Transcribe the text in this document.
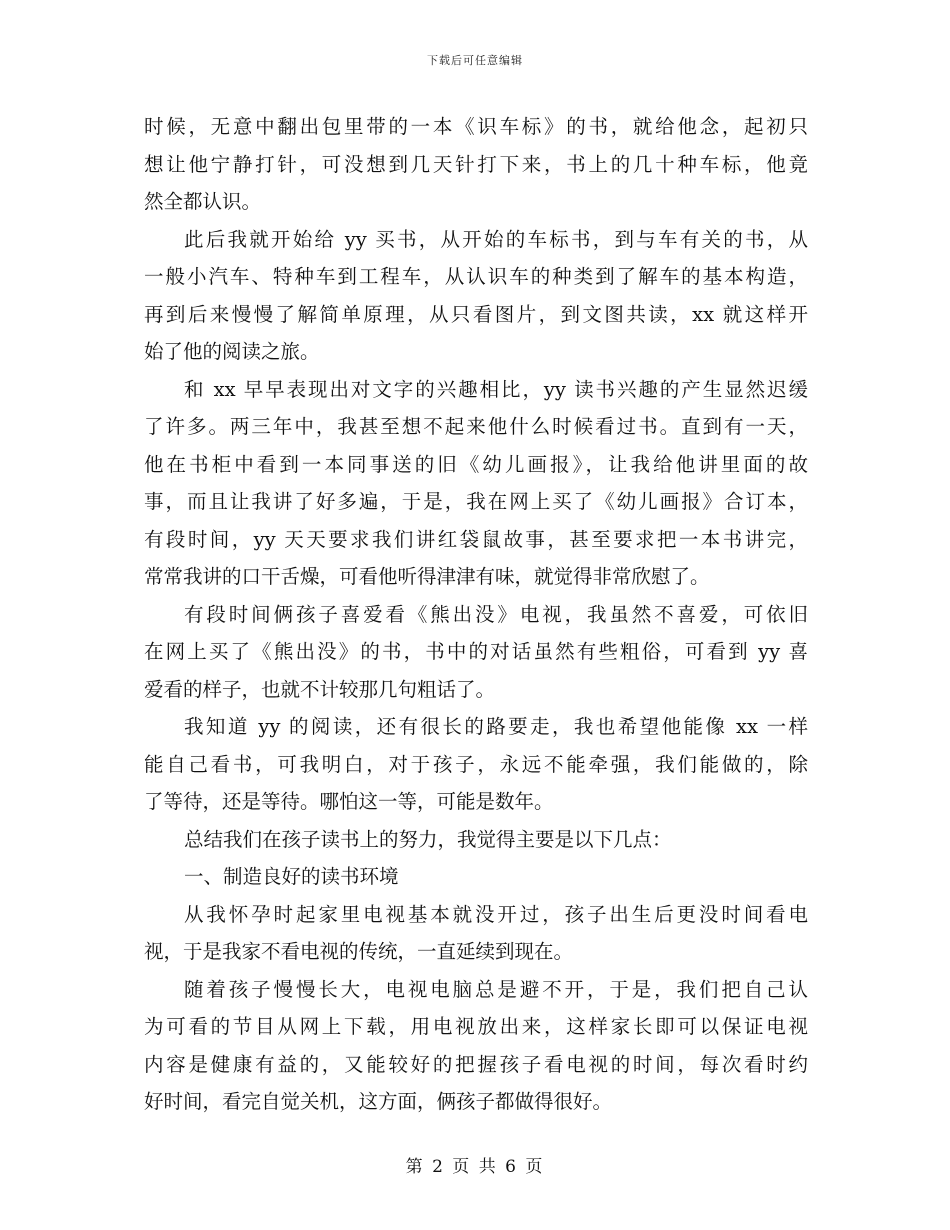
下载后可任意编辑
时候，无意中翻出包里带的一本《识车标》的书，就给他念，起初只
想让他宁静打针，可没想到几天针打下来，书上的几十种车标，他竟
然全都认识。
此后我就开始给 yy 买书，从开始的车标书，到与车有关的书，从
一般小汽车、特种车到工程车，从认识车的种类到了解车的基本构造，
再到后来慢慢了解简单原理，从只看图片，到文图共读，xx 就这样开
始了他的阅读之旅。
和 xx 早早表现出对文字的兴趣相比，yy 读书兴趣的产生显然迟缓
了许多。两三年中，我甚至想不起来他什么时候看过书。直到有一天，
他在书柜中看到一本同事送的旧《幼儿画报》，让我给他讲里面的故
事，而且让我讲了好多遍，于是，我在网上买了《幼儿画报》合订本，
有段时间，yy 天天要求我们讲红袋鼠故事，甚至要求把一本书讲完，
常常我讲的口干舌燥，可看他听得津津有味，就觉得非常欣慰了。
有段时间俩孩子喜爱看《熊出没》电视，我虽然不喜爱，可依旧
在网上买了《熊出没》的书，书中的对话虽然有些粗俗，可看到 yy 喜
爱看的样子，也就不计较那几句粗话了。
我知道 yy 的阅读，还有很长的路要走，我也希望他能像 xx 一样
能自己看书，可我明白，对于孩子，永远不能牵强，我们能做的，除
了等待，还是等待。哪怕这一等，可能是数年。
总结我们在孩子读书上的努力，我觉得主要是以下几点：
一、制造良好的读书环境
从我怀孕时起家里电视基本就没开过，孩子出生后更没时间看电
视，于是我家不看电视的传统，一直延续到现在。
随着孩子慢慢长大，电视电脑总是避不开，于是，我们把自己认
为可看的节目从网上下载，用电视放出来，这样家长即可以保证电视
内容是健康有益的，又能较好的把握孩子看电视的时间，每次看时约
好时间，看完自觉关机，这方面，俩孩子都做得很好。
第 2 页 共 6 页
